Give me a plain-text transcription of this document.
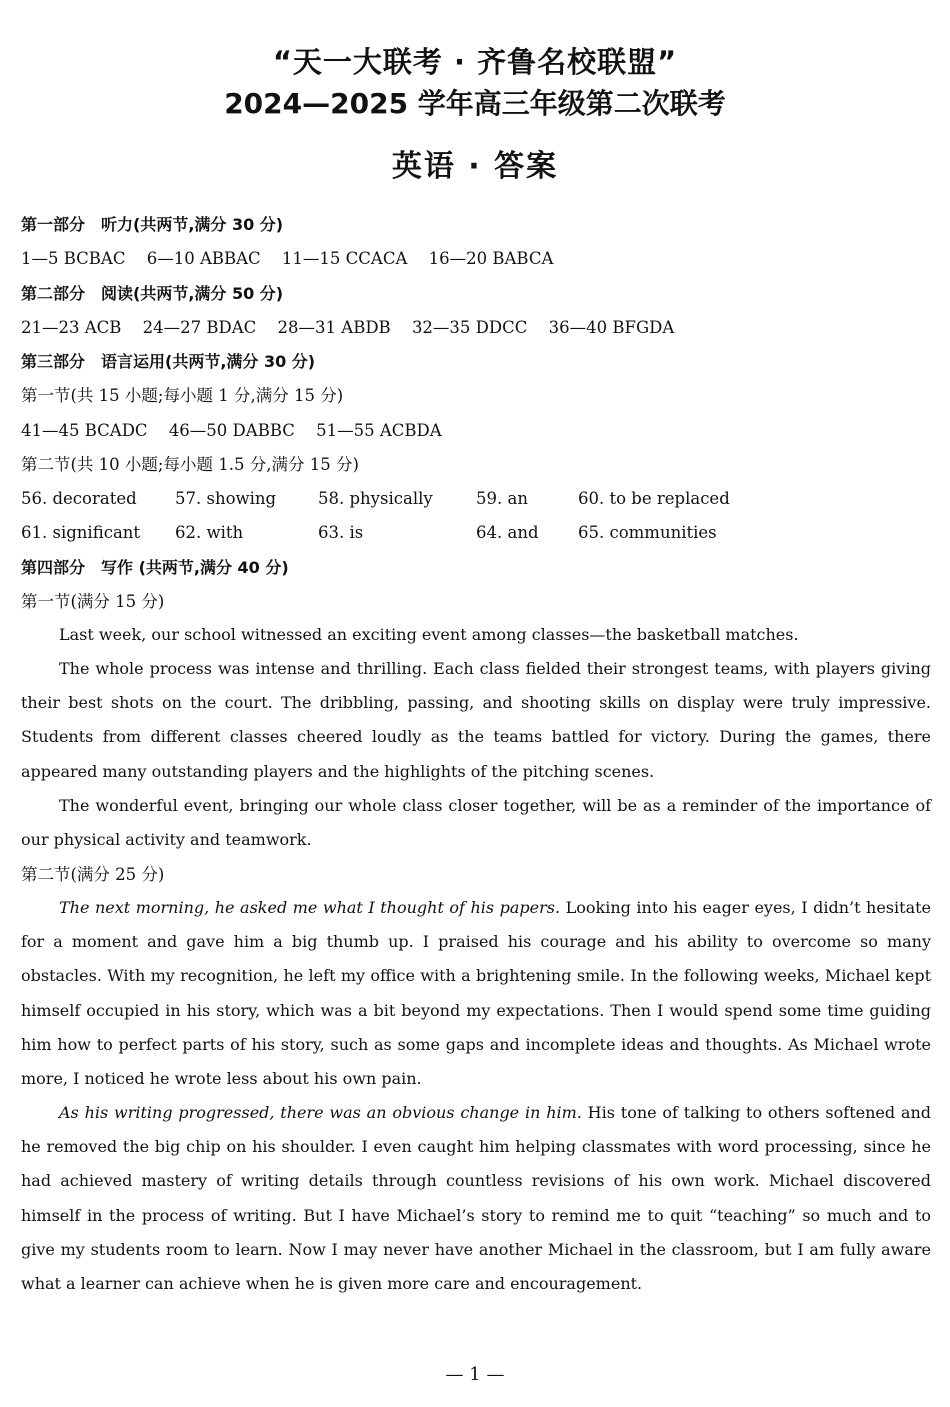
“天一大联考 · 齐鲁名校联盟”
2024—2025 学年高三年级第二次联考
英语 · 答案
第一部分　听力(共两节,满分 30 分)
1—5 BCBAC 6—10 ABBAC 11—15 CCACA 16—20 BABCA
第二部分　阅读(共两节,满分 50 分)
21—23 ACB 24—27 BDAC 28—31 ABDB 32—35 DDCC 36—40 BFGDA
第三部分　语言运用(共两节,满分 30 分)
第一节(共 15 小题;每小题 1 分,满分 15 分)
41—45 BCADC 46—50 DABBC 51—55 ACBDA
第二节(共 10 小题;每小题 1.5 分,满分 15 分)
56. decorated 57. showing	58. physically	59. an	60. to be replaced
61. significant 62. with	63. is	64. and 65. communities
第四部分　写作 (共两节,满分 40 分)
第一节(满分 15 分)
Last week, our school witnessed an exciting event among classes—the basketball matches.
The whole process was intense and thrilling. Each class fielded their strongest teams, with players giving their best shots on the court. The dribbling, passing, and shooting skills on display were truly impressive. Students from different classes cheered loudly as the teams battled for victory. During the games, there appeared many outstanding players and the highlights of the pitching scenes.
The wonderful event, bringing our whole class closer together, will be as a reminder of the importance of our physical activity and teamwork.
第二节(满分 25 分)
The next morning, he asked me what I thought of his papers. Looking into his eager eyes, I didn’t hesitate for a moment and gave him a big thumb up. I praised his courage and his ability to overcome so many obstacles. With my recognition, he left my office with a brightening smile. In the following weeks, Michael kept himself occupied in his story, which was a bit beyond my expectations. Then I would spend some time guiding him how to perfect parts of his story, such as some gaps and incomplete ideas and thoughts. As Michael wrote more, I noticed he wrote less about his own pain.
As his writing progressed, there was an obvious change in him. His tone of talking to others softened and he removed the big chip on his shoulder. I even caught him helping classmates with word processing, since he had achieved mastery of writing details through countless revisions of his own work. Michael discovered himself in the process of writing. But I have Michael’s story to remind me to quit “teaching” so much and to give my students room to learn. Now I may never have another Michael in the classroom, but I am fully aware what a learner can achieve when he is given more care and encouragement.
— 1 —
